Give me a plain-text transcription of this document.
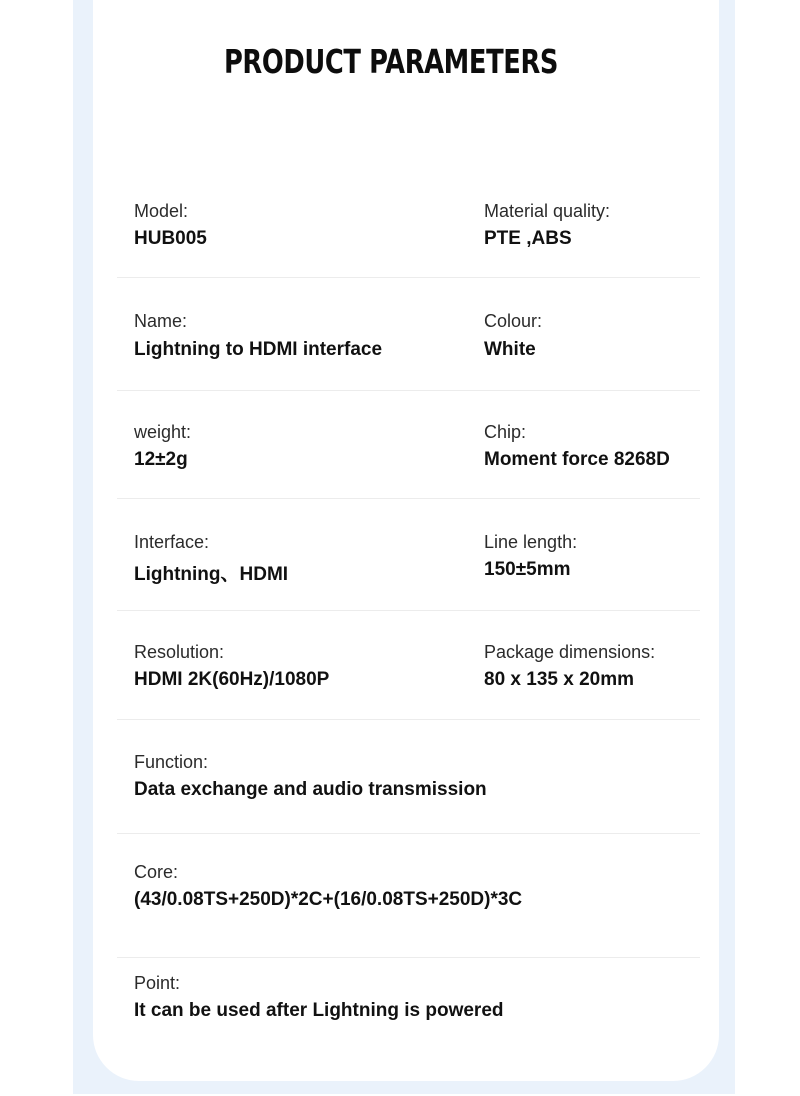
PRODUCT PARAMETERS
Model:
HUB005
Material quality:
PTE ,ABS
Name:
Lightning to HDMI interface
Colour:
White
weight:
12±2g
Chip:
Moment force 8268D
Interface:
Lightning、HDMI
Line length:
150±5mm
Resolution:
HDMI 2K(60Hz)/1080P
Package dimensions:
80 x 135 x 20mm
Function:
Data exchange and audio transmission
Core:
(43/0.08TS+250D)*2C+(16/0.08TS+250D)*3C
Point:
It can be used after Lightning is powered
